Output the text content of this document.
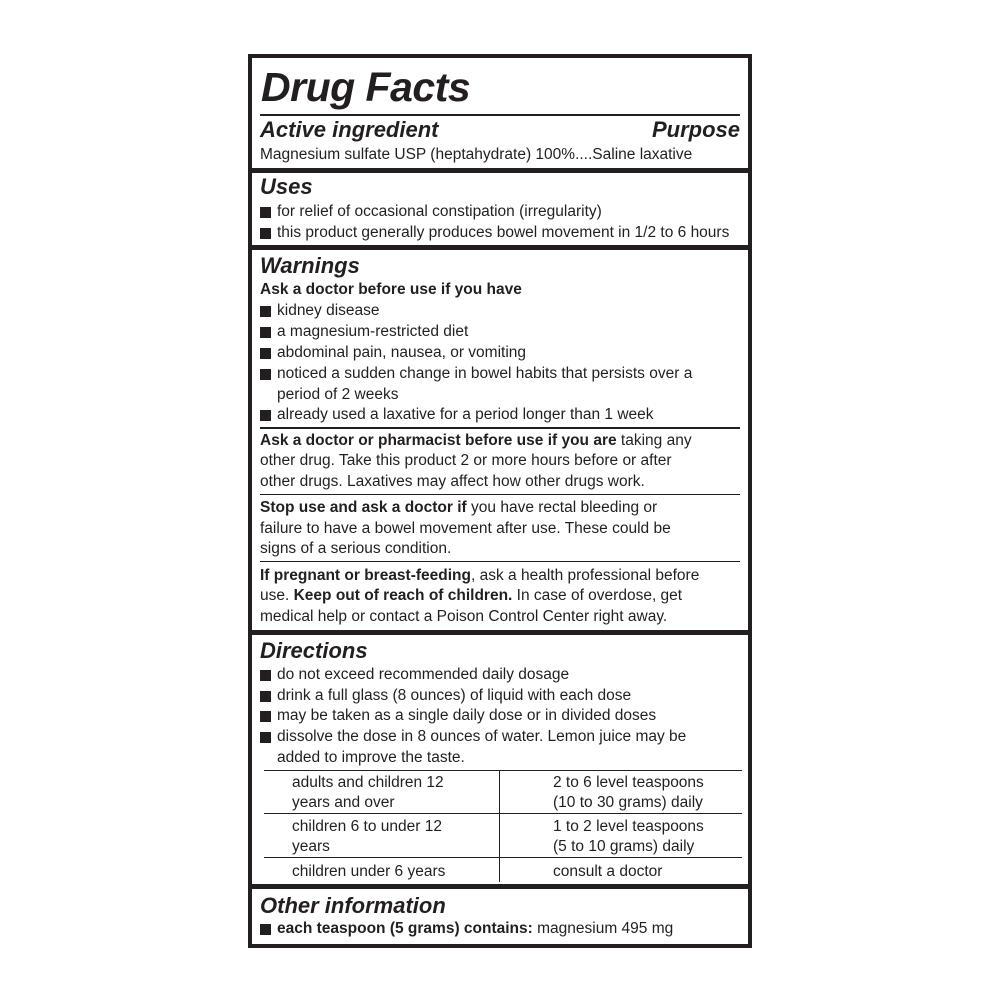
Drug Facts
Active ingredient	Purpose
Magnesium sulfate USP (heptahydrate) 100%....Saline laxative
Uses
for relief of occasional constipation (irregularity)
this product generally produces bowel movement in 1/2 to 6 hours
Warnings
Ask a doctor before use if you have
kidney disease
a magnesium-restricted diet
abdominal pain, nausea, or vomiting
noticed a sudden change in bowel habits that persists over a
period of 2 weeks
already used a laxative for a period longer than 1 week
Ask a doctor or pharmacist before use if you are taking any
other drug. Take this product 2 or more hours before or after
other drugs. Laxatives may affect how other drugs work.
Stop use and ask a doctor if you have rectal bleeding or
failure to have a bowel movement after use. These could be
signs of a serious condition.
If pregnant or breast-feeding, ask a health professional before
use. Keep out of reach of children. In case of overdose, get
medical help or contact a Poison Control Center right away.
Directions
do not exceed recommended daily dosage
drink a full glass (8 ounces) of liquid with each dose
may be taken as a single daily dose or in divided doses
dissolve the dose in 8 ounces of water. Lemon juice may be
added to improve the taste.
adults and children 12
years and over
2 to 6 level teaspoons
(10 to 30 grams) daily
children 6 to under 12
years
1 to 2 level teaspoons
(5 to 10 grams) daily
children under 6 years	consult a doctor
Other information
each teaspoon (5 grams) contains: magnesium 495 mg
